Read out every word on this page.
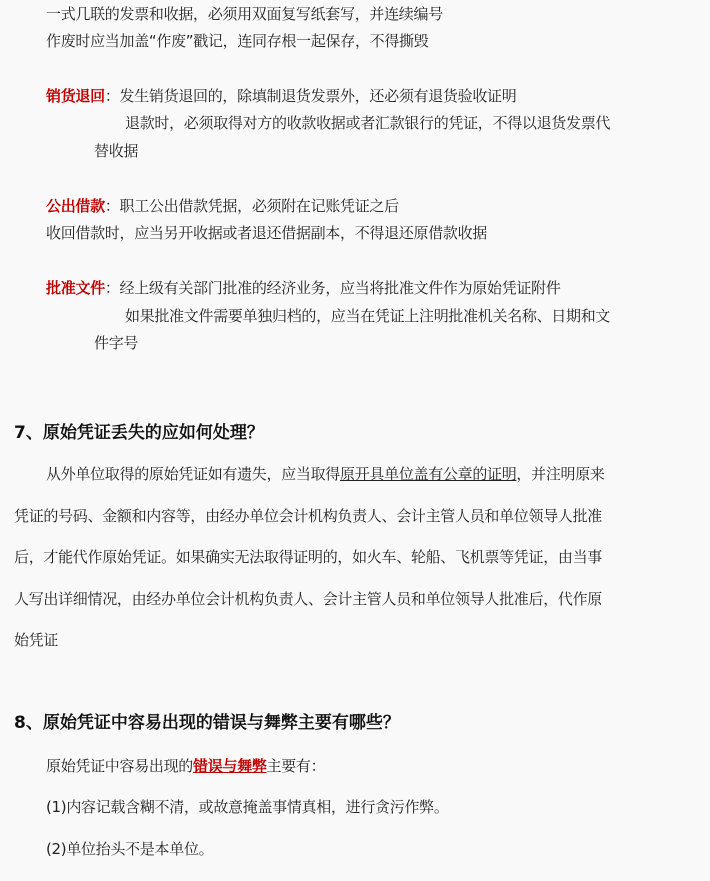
一式几联的发票和收据，必须用双面复写纸套写，并连续编号
作废时应当加盖“作废”戳记，连同存根一起保存，不得撕毁
销货退回：发生销货退回的，除填制退货发票外，还必须有退货验收证明
退款时，必须取得对方的收款收据或者汇款银行的凭证，不得以退货发票代
替收据
公出借款：职工公出借款凭据，必须附在记账凭证之后
收回借款时，应当另开收据或者退还借据副本，不得退还原借款收据
批准文件：经上级有关部门批准的经济业务，应当将批准文件作为原始凭证附件
如果批准文件需要单独归档的，应当在凭证上注明批准机关名称、日期和文
件字号
7、原始凭证丢失的应如何处理？
从外单位取得的原始凭证如有遗失，应当取得原开具单位盖有公章的证明，并注明原来
凭证的号码、金额和内容等，由经办单位会计机构负责人、会计主管人员和单位领导人批准
后，才能代作原始凭证。如果确实无法取得证明的，如火车、轮船、飞机票等凭证，由当事
人写出详细情况，由经办单位会计机构负责人、会计主管人员和单位领导人批准后，代作原
始凭证
8、原始凭证中容易出现的错误与舞弊主要有哪些？
原始凭证中容易出现的错误与舞弊主要有：
(1)内容记载含糊不清，或故意掩盖事情真相，进行贪污作弊。
(2)单位抬头不是本单位。
